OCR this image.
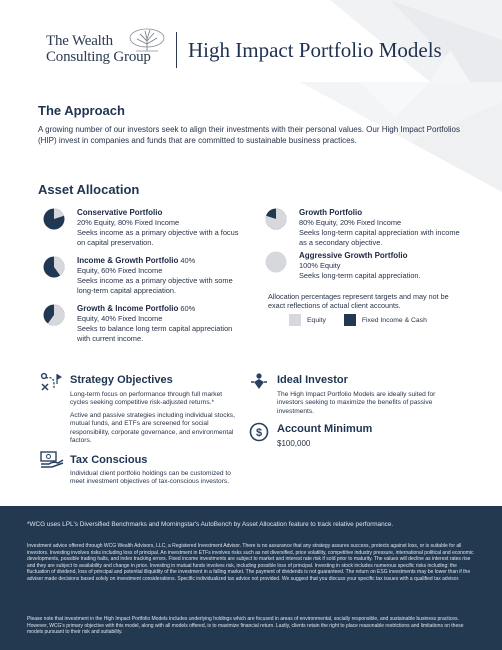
The Wealth
Consulting Group	High Impact Portfolio Models
The Approach
A growing number of our investors seek to align their investments with their personal values. Our High Impact Portfolios (HIP) invest in companies and funds that are committed to sustainable business practices.
Asset Allocation
Conservative Portfolio
20% Equity, 80% Fixed Income
Seeks income as a primary objective with a focus on capital preservation.
Income & Growth Portfolio 40%
Equity, 60% Fixed Income
Seeks income as a primary objective with some long-term capital appreciation.
Growth & Income Portfolio 60%
Equity, 40% Fixed Income
Seeks to balance long term capital appreciation with current income.
Growth Portfolio
80% Equity, 20% Fixed Income
Seeks long-term capital appreciation with income as a secondary objective.
Aggressive Growth Portfolio
100% Equity
Seeks long-term capital appreciation.
Allocation percentages represent targets and may not be exact reflections of actual client accounts.
Equity	Fixed Income & Cash
Strategy Objectives
Long-term focus on performance through full market cycles seeking competitive risk-adjusted returns.*
Active and passive strategies including individual stocks, mutual funds, and ETFs are screened for social responsibility, corporate governance, and environmental factors.
Tax Conscious
Individual client portfolio holdings can be customized to meet investment objectives of tax-conscious investors.
Ideal Investor
The High Impact Portfolio Models are ideally suited for investors seeking to maximize the benefits of passive investments.
$ Account Minimum
$100,000
*WCG uses LPL's Diversified Benchmarks and Morningstar's AutoBench by Asset Allocation feature to track relative performance.
Investment advice offered through WCG Wealth Advisors, LLC, a Registered Investment Advisor. There is no assurance that any strategy assures success, protects against loss, or is suitable for all investors. Investing involves risks including loss of principal. An investment in ETFs involves risks such as not diversified, price volatility, competitive industry pressure, international political and economic developments, possible trading halts, and index tracking errors. Fixed income investments are subject to market and interest rate risk if sold prior to maturity. The values will decline as interest rates rise and they are subject to availability and change in price. Investing in mutual funds involves risk, including possible loss of principal. Investing in stock includes numerous specific risks including: the fluctuation of dividend, loss of principal and potential illiquidity of the investment in a falling market. The payment of dividends is not guaranteed. The return on ESG investments may be lower than if the adviser made decisions based solely on investment considerations. Specific individualized tax advice not provided. We suggest that you discuss your specific tax issues with a qualified tax advisor.
Please note that investment in the High Impact Portfolio Models includes underlying holdings which are focused in areas of environmental, socially responsible, and sustainable business practices. However, WCG's primary objective with this model, along with all models offered, is to maximize financial return. Lastly, clients retain the right to place reasonable restrictions and limitations on these models pursuant to their risk and suitability.
